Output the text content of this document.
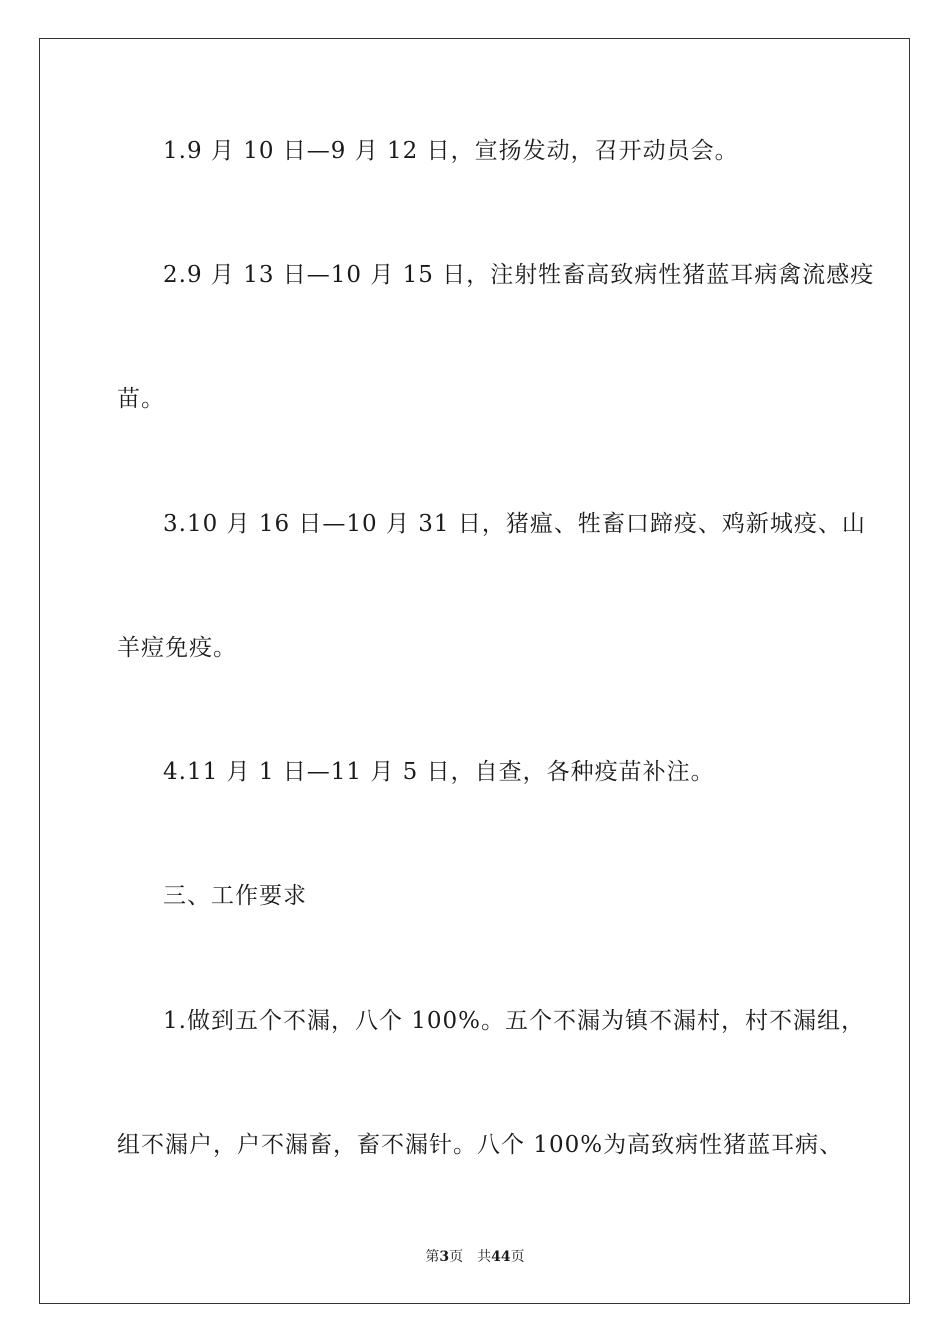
1.9 月 10 日—9 月 12 日，宣扬发动，召开动员会。
2.9 月 13 日—10 月 15 日，注射牲畜高致病性猪蓝耳病禽流感疫
苗。
3.10 月 16 日—10 月 31 日，猪瘟、牲畜口蹄疫、鸡新城疫、山
羊痘免疫。
4.11 月 1 日—11 月 5 日，自查，各种疫苗补注。
三、工作要求
1.做到五个不漏，八个 100%。五个不漏为镇不漏村，村不漏组，
组不漏户，户不漏畜，畜不漏针。八个 100%为高致病性猪蓝耳病、
第3页 共44页
